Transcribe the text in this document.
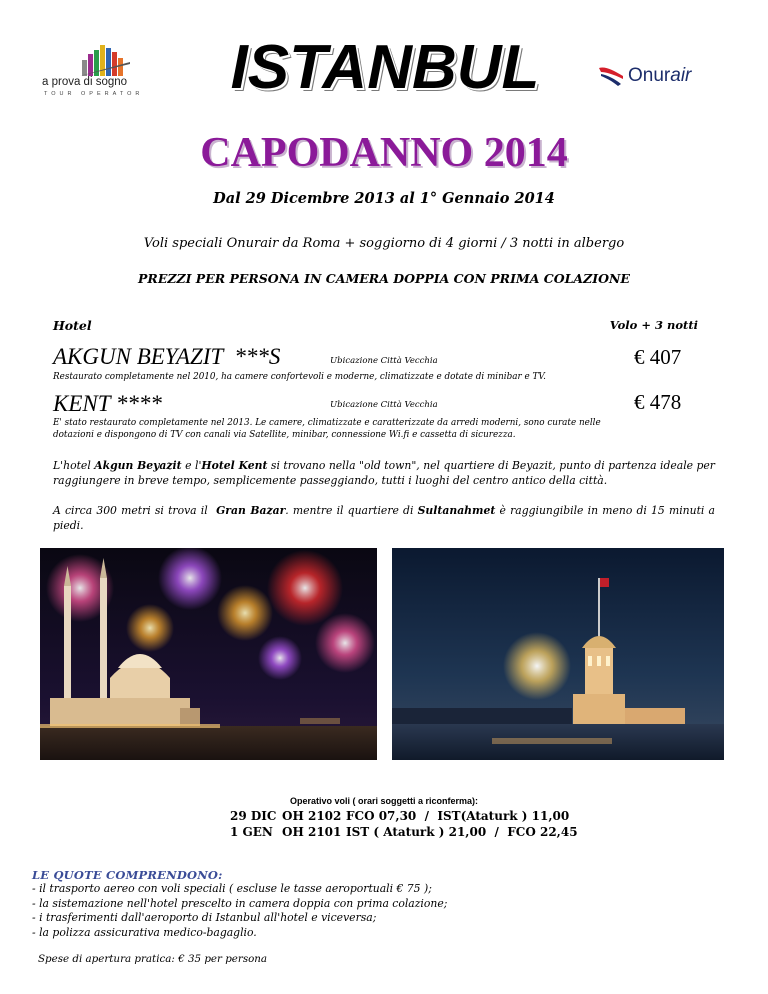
a prova di sogno
TOUR OPERATOR	ISTANBUL	Onurair
CAPODANNO 2014
Dal 29 Dicembre 2013 al 1° Gennaio 2014
Voli speciali Onurair da Roma + soggiorno di 4 giorni / 3 notti in albergo
PREZZI PER PERSONA IN CAMERA DOPPIA CON PRIMA COLAZIONE
Hotel	Volo + 3 notti
AKGUN BEYAZIT  ***S	Ubicazione Città Vecchia	€ 407
Restaurato completamente nel 2010, ha camere confortevoli e moderne, climatizzate e dotate di minibar e TV.
KENT ****	Ubicazione Città Vecchia	€ 478
E' stato restaurato completamente nel 2013. Le camere, climatizzate e caratterizzate da arredi moderni, sono curate nelle dotazioni e dispongono di TV con canali via Satellite, minibar, connessione Wi.fi e cassetta di sicurezza.
L'hotel Akgun Beyazit e l'Hotel Kent si trovano nella "old town", nel quartiere di Beyazit, punto di partenza ideale per raggiungere in breve tempo, semplicemente passeggiando, tutti i luoghi del centro antico della città.
A circa 300 metri si trova il  Gran Bazar. mentre il quartiere di Sultanahmet è raggiungibile in meno di 15 minuti a piedi.
Operativo voli ( orari soggetti a riconferma):
29 DIC OH 2102 FCO 07,30  /  IST(Ataturk ) 11,00
1 GEN OH 2101 IST ( Ataturk ) 21,00  /  FCO 22,45
LE QUOTE COMPRENDONO:
- il trasporto aereo con voli speciali ( escluse le tasse aeroportuali € 75 );
- la sistemazione nell'hotel prescelto in camera doppia con prima colazione;
- i trasferimenti dall'aeroporto di Istanbul all'hotel e viceversa;
- la polizza assicurativa medico-bagaglio.
Spese di apertura pratica: € 35 per persona
